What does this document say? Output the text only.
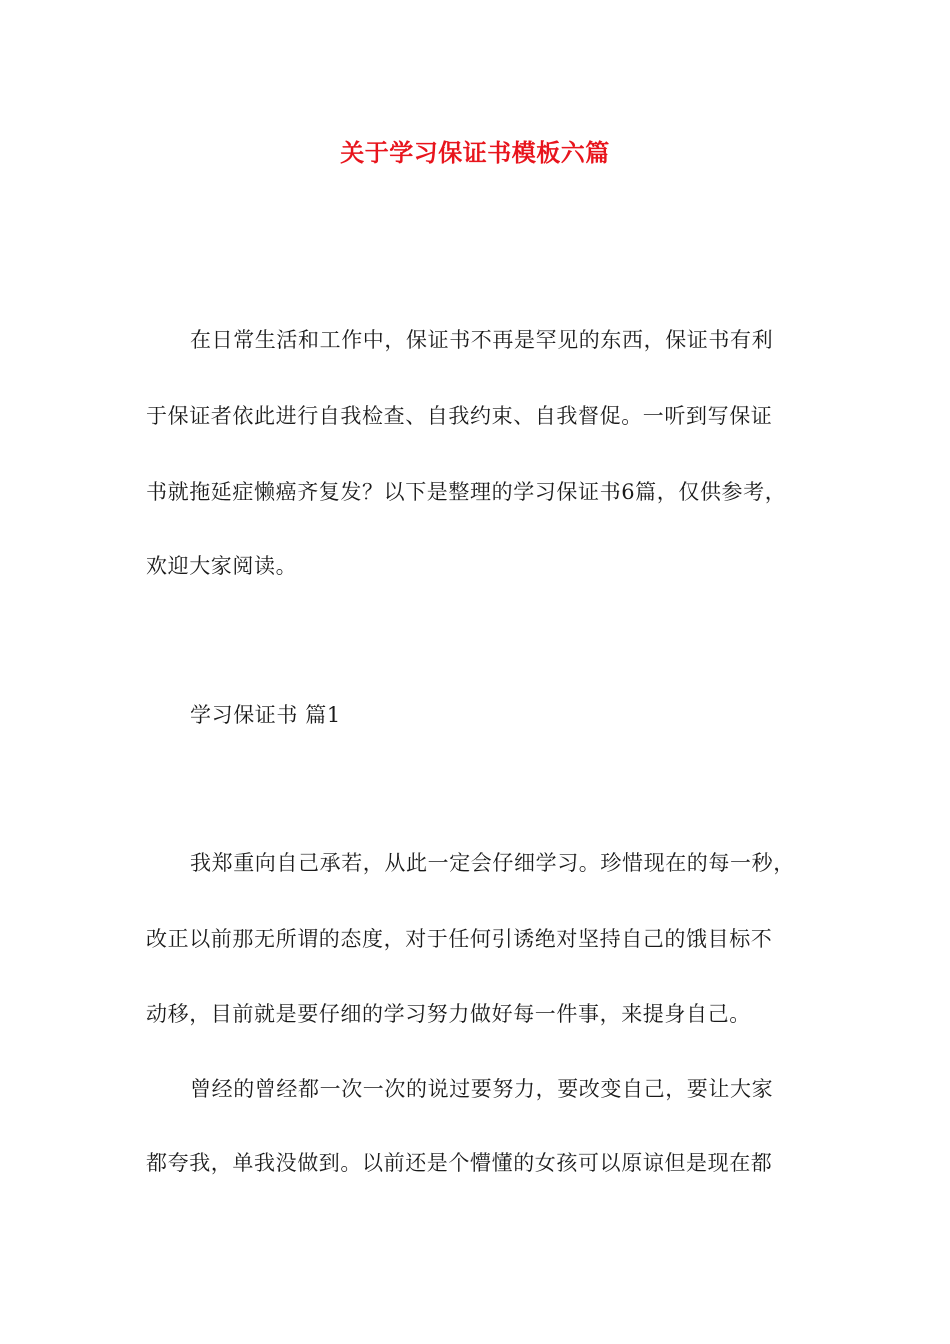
关于学习保证书模板六篇
在日常生活和工作中，保证书不再是罕见的东西，保证书有利
于保证者依此进行自我检查、自我约束、自我督促。一听到写保证
书就拖延症懒癌齐复发？以下是整理的学习保证书6篇，仅供参考，
欢迎大家阅读。
学习保证书 篇1
我郑重向自己承若，从此一定会仔细学习。珍惜现在的每一秒，
改正以前那无所谓的态度，对于任何引诱绝对坚持自己的饿目标不
动移，目前就是要仔细的学习努力做好每一件事，来提身自己。
曾经的曾经都一次一次的说过要努力，要改变自己，要让大家
都夸我，单我没做到。以前还是个懵懂的女孩可以原谅但是现在都
